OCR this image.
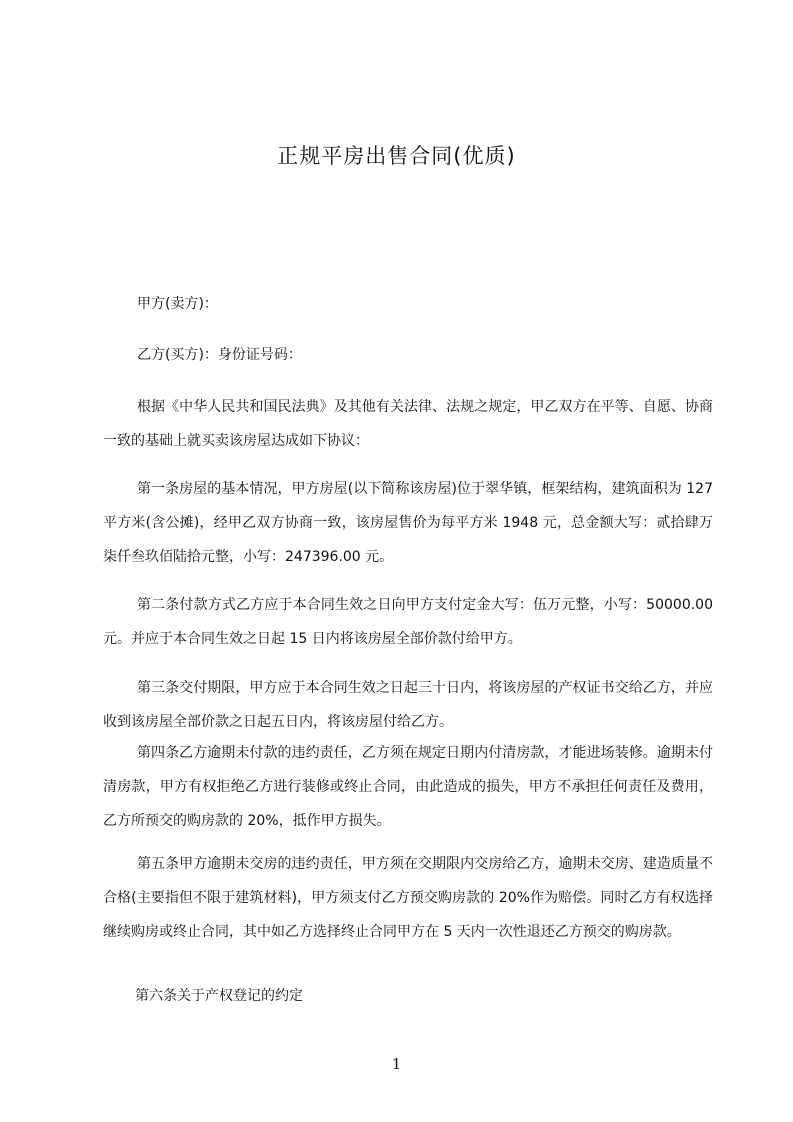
正规平房出售合同(优质)

甲方(卖方)：

乙方(买方)：身份证号码：

根据《中华人民共和国民法典》及其他有关法律、法规之规定，甲乙双方在平等、自愿、协商一致的基础上就买卖该房屋达成如下协议：

第一条房屋的基本情况，甲方房屋(以下简称该房屋)位于翠华镇，框架结构，建筑面积为 127 平方米(含公摊)，经甲乙双方协商一致，该房屋售价为每平方米 1948 元，总金额大写：贰拾肆万柒仟叁玖佰陆拾元整，小写：247396.00 元。

第二条付款方式乙方应于本合同生效之日向甲方支付定金大写：伍万元整，小写：50000.00 元。并应于本合同生效之日起 15 日内将该房屋全部价款付给甲方。

第三条交付期限，甲方应于本合同生效之日起三十日内，将该房屋的产权证书交给乙方，并应收到该房屋全部价款之日起五日内，将该房屋付给乙方。

第四条乙方逾期未付款的违约责任，乙方须在规定日期内付清房款，才能进场装修。逾期未付清房款，甲方有权拒绝乙方进行装修或终止合同，由此造成的损失，甲方不承担任何责任及费用，乙方所预交的购房款的 20%，抵作甲方损失。

第五条甲方逾期未交房的违约责任，甲方须在交期限内交房给乙方，逾期未交房、建造质量不合格(主要指但不限于建筑材料)，甲方须支付乙方预交购房款的 20%作为赔偿。同时乙方有权选择继续购房或终止合同，其中如乙方选择终止合同甲方在 5 天内一次性退还乙方预交的购房款。

第六条关于产权登记的约定

1
